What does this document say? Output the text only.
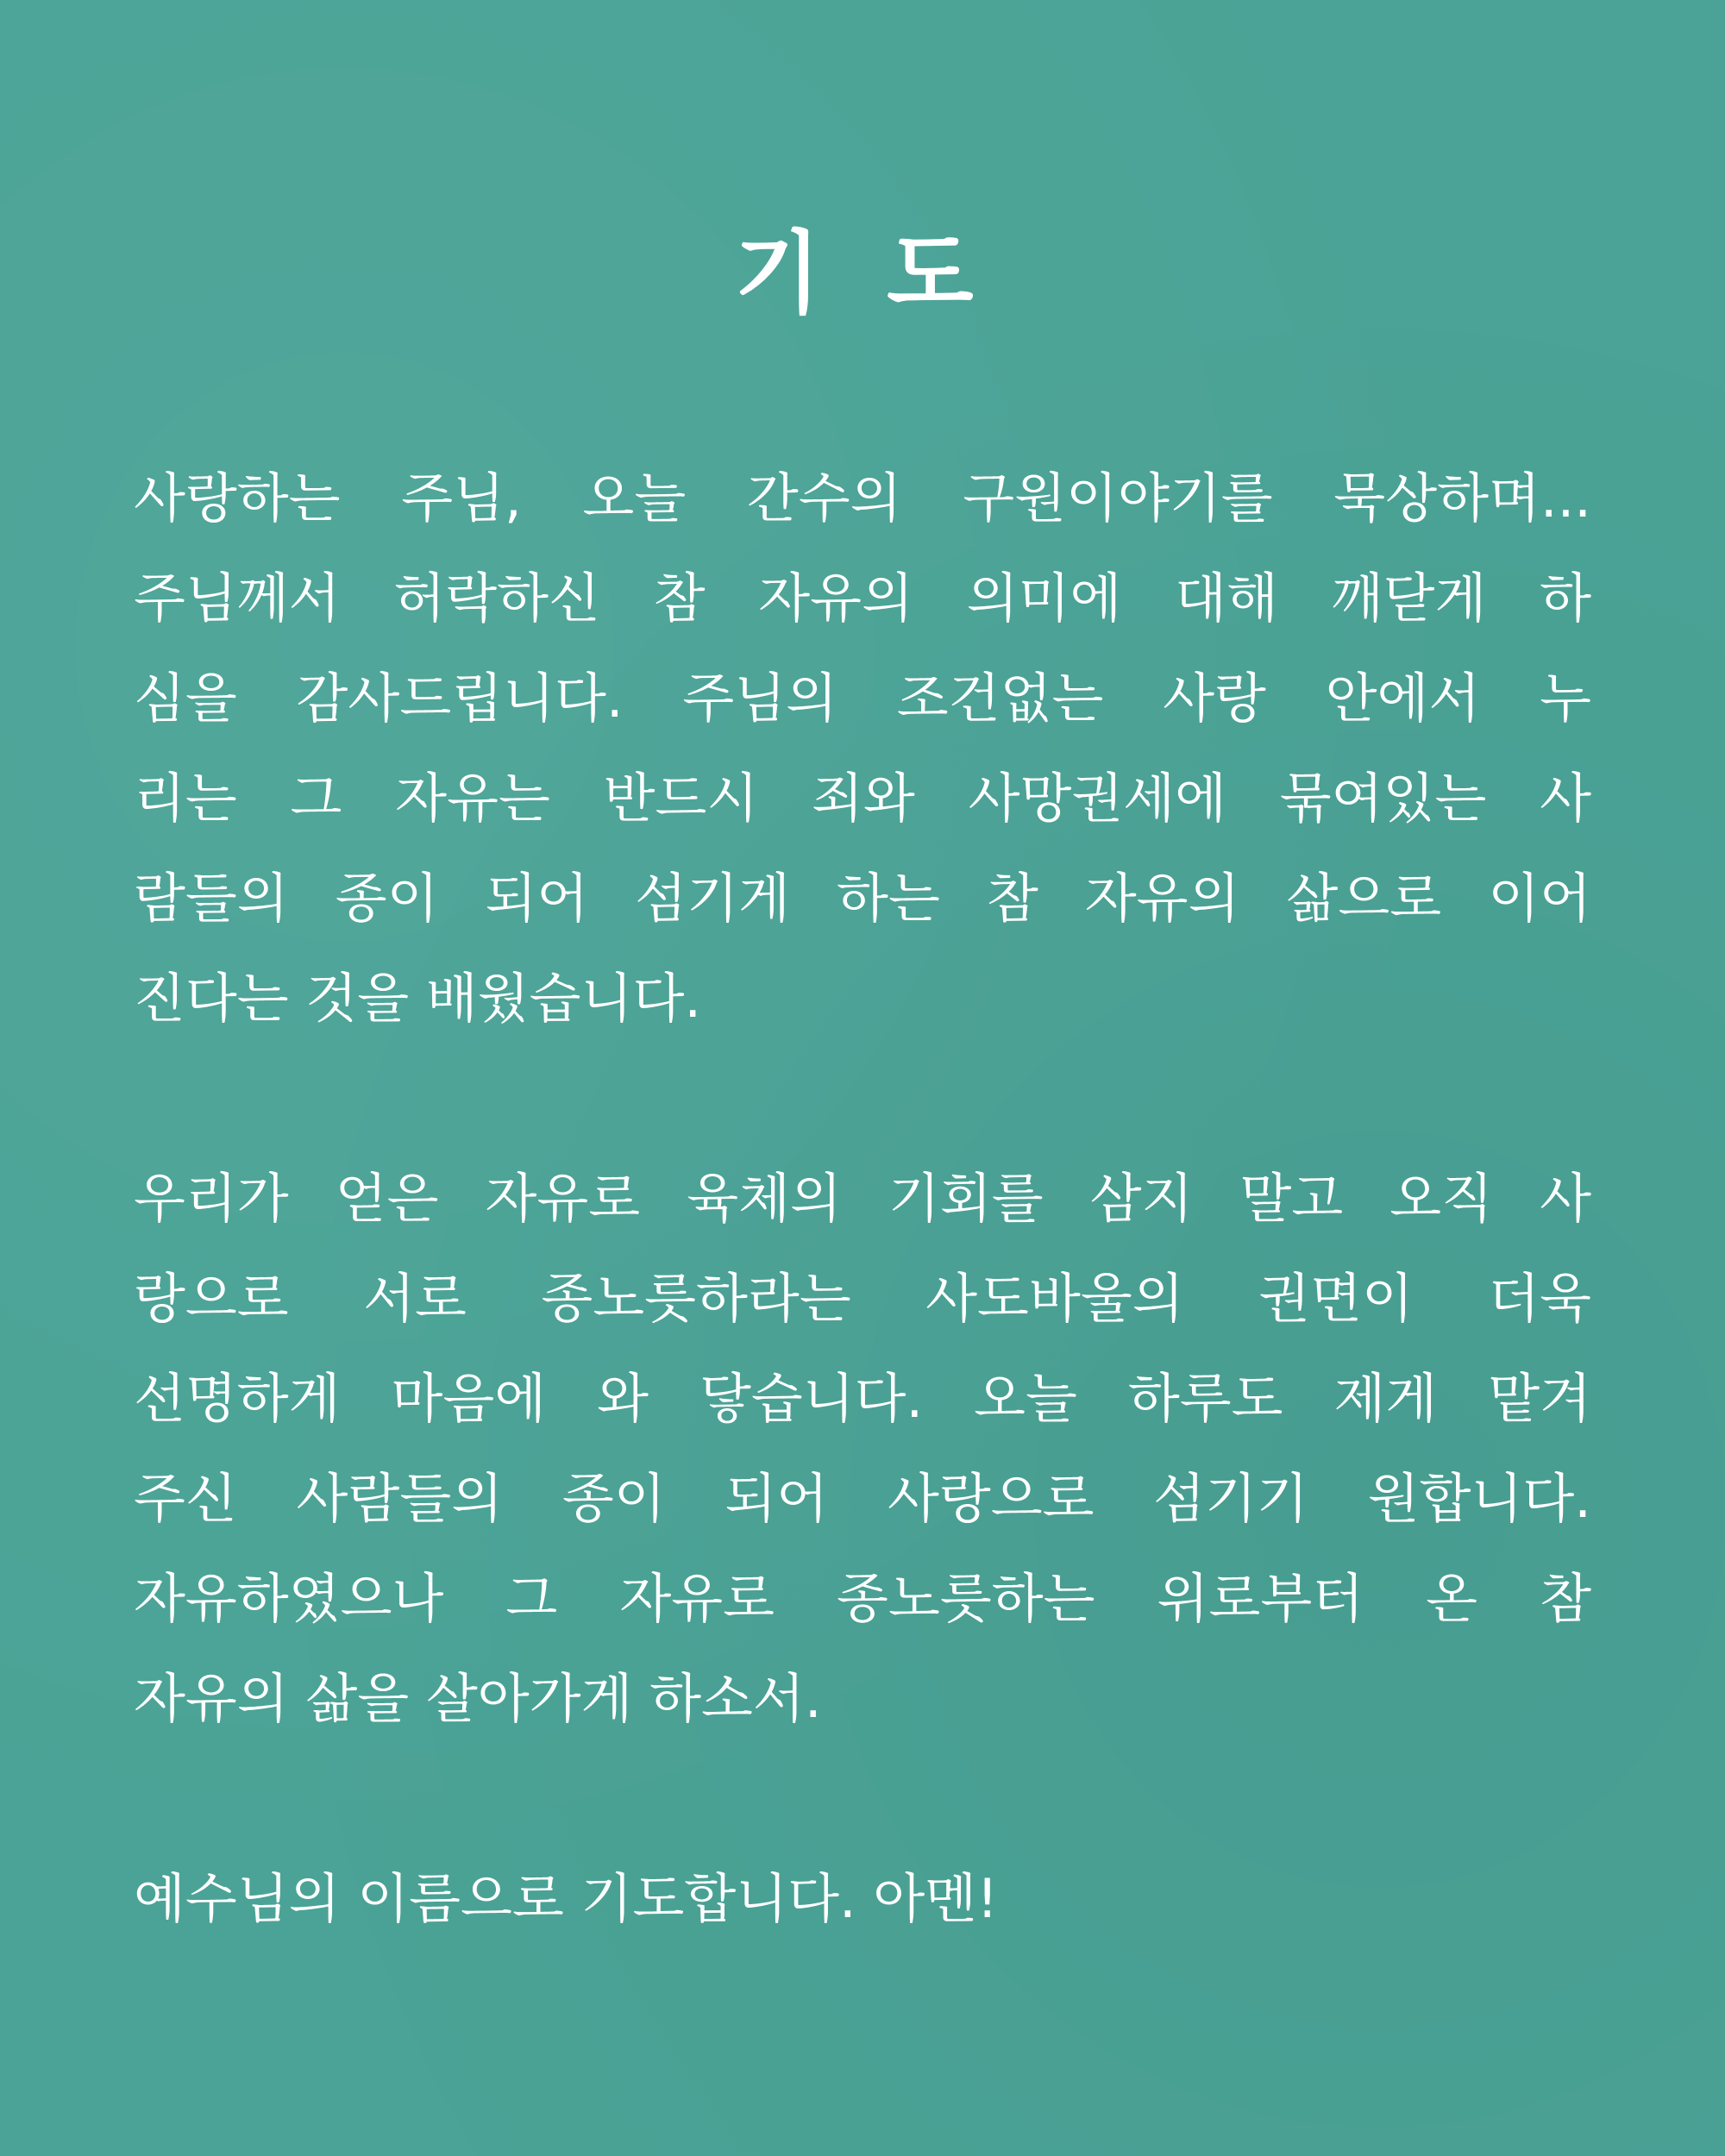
기 도

사랑하는 주님, 오늘 간수의 구원이야기를 묵상하며...
주님께서 허락하신 참 자유의 의미에 대해 깨닫게 하
심을 감사드립니다. 주님의 조건없는 사랑 안에서 누
리는 그 자유는 반드시 죄와 사망권세에 묶여있는 사
람들의 종이 되어 섬기게 하는 참 자유의 삶으로 이어
진다는 것을 배웠습니다.

우리가 얻은 자유로 육체의 기회를 삼지 말고 오직 사
랑으로 서로 종노릇하라는 사도바울의 권면이 더욱
선명하게 마음에 와 닿습니다. 오늘 하루도 제게 맡겨
주신 사람들의 종이 되어 사랑으로 섬기기 원합니다.
자유하였으나 그 자유로 종노릇하는 위로부터 온 참
자유의 삶을 살아가게 하소서.

예수님의 이름으로 기도합니다. 아멘!
